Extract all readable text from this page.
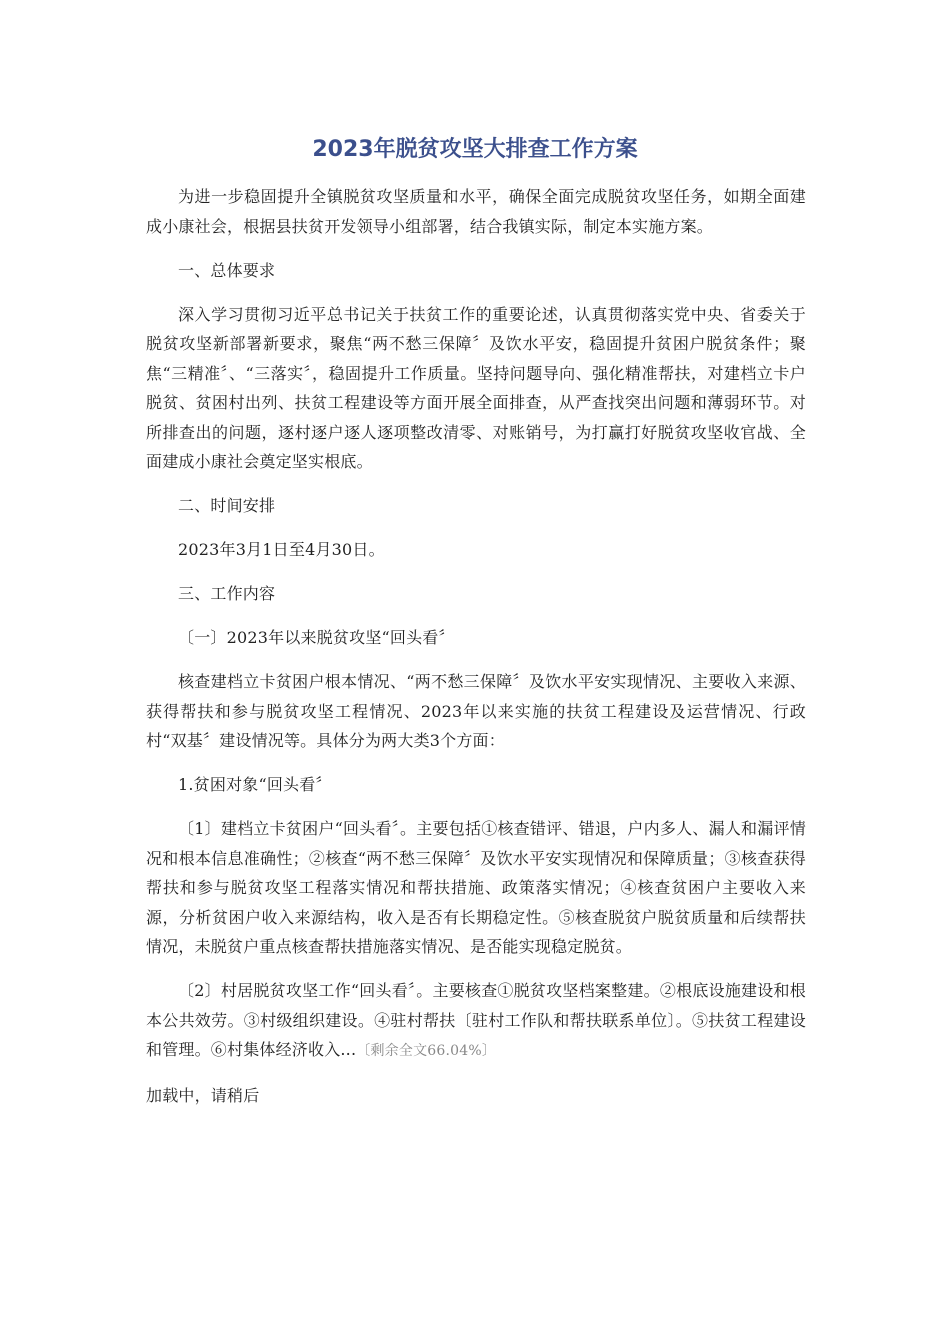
2023年脱贫攻坚大排查工作方案

为进一步稳固提升全镇脱贫攻坚质量和水平，确保全面完成脱贫攻坚任务，如期全面建成小康社会，根据县扶贫开发领导小组部署，结合我镇实际，制定本实施方案。

一、总体要求

深入学习贯彻习近平总书记关于扶贫工作的重要论述，认真贯彻落实党中央、省委关于脱贫攻坚新部署新要求，聚焦“两不愁三保障〞及饮水平安，稳固提升贫困户脱贫条件；聚焦“三精准〞、“三落实〞，稳固提升工作质量。坚持问题导向、强化精准帮扶，对建档立卡户脱贫、贫困村出列、扶贫工程建设等方面开展全面排查，从严查找突出问题和薄弱环节。对所排查出的问题，逐村逐户逐人逐项整改清零、对账销号，为打赢打好脱贫攻坚收官战、全面建成小康社会奠定坚实根底。

二、时间安排

2023年3月1日至4月30日。

三、工作内容

〔一〕2023年以来脱贫攻坚“回头看〞

核查建档立卡贫困户根本情况、“两不愁三保障〞及饮水平安实现情况、主要收入来源、获得帮扶和参与脱贫攻坚工程情况、2023年以来实施的扶贫工程建设及运营情况、行政村“双基〞建设情况等。具体分为两大类3个方面：

1.贫困对象“回头看〞

〔1〕建档立卡贫困户“回头看〞。主要包括①核查错评、错退，户内多人、漏人和漏评情况和根本信息准确性；②核查“两不愁三保障〞及饮水平安实现情况和保障质量；③核查获得帮扶和参与脱贫攻坚工程落实情况和帮扶措施、政策落实情况；④核查贫困户主要收入来源，分析贫困户收入来源结构，收入是否有长期稳定性。⑤核查脱贫户脱贫质量和后续帮扶情况，未脱贫户重点核查帮扶措施落实情况、是否能实现稳定脱贫。

〔2〕村居脱贫攻坚工作“回头看〞。主要核查①脱贫攻坚档案整建。②根底设施建设和根本公共效劳。③村级组织建设。④驻村帮扶〔驻村工作队和帮扶联系单位〕。⑤扶贫工程建设和管理。⑥村集体经济收入...〔剩余全文66.04%〕

加载中，请稍后
